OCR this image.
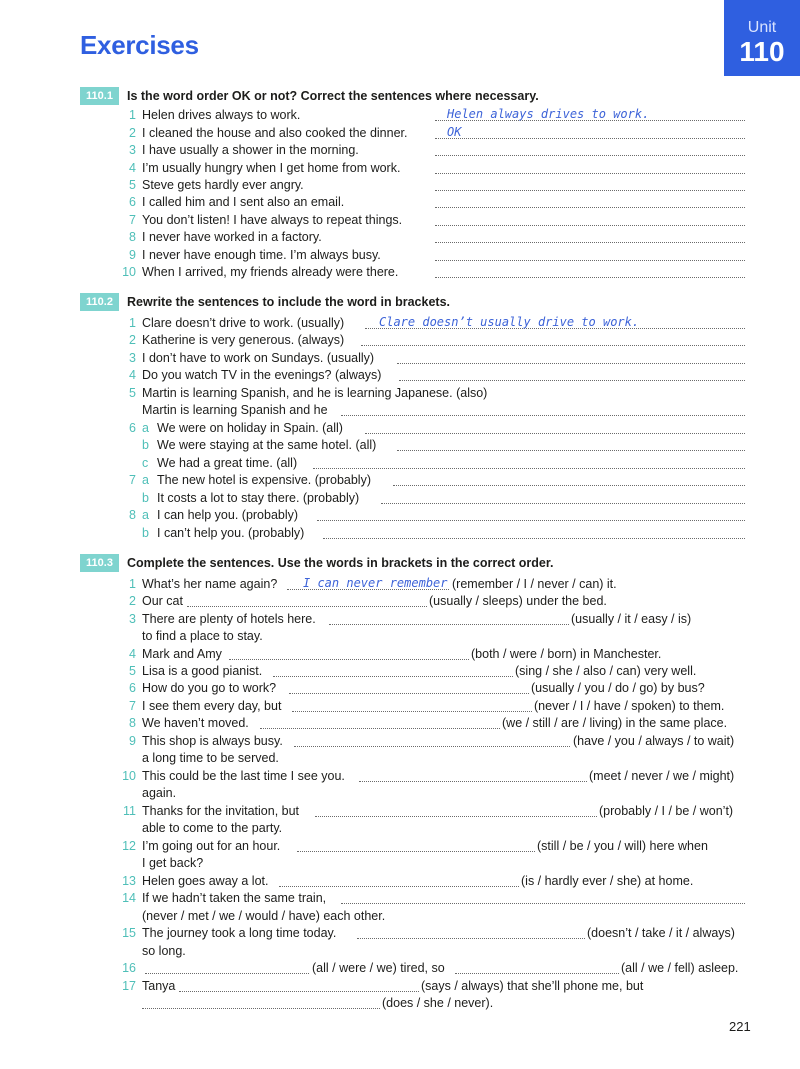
Exercises
Unit
110
110.1	Is the word order OK or not? Correct the sentences where necessary.
1 Helen drives always to work.	Helen always drives to work.
2 I cleaned the house and also cooked the dinner.	OK
3 I have usually a shower in the morning.
4 I’m usually hungry when I get home from work.
5 Steve gets hardly ever angry.
6 I called him and I sent also an email.
7 You don’t listen! I have always to repeat things.
8 I never have worked in a factory.
9 I never have enough time. I’m always busy.
10 When I arrived, my friends already were there.
110.2	Rewrite the sentences to include the word in brackets.
1 Clare doesn’t drive to work. (usually)	Clare doesn’t usually drive to work.
2 Katherine is very generous. (always)
3 I don’t have to work on Sundays. (usually)
4 Do you watch TV in the evenings? (always)
5 Martin is learning Spanish, and he is learning Japanese. (also)
Martin is learning Spanish and he
6 a We were on holiday in Spain. (all)
b We were staying at the same hotel. (all)
c We had a great time. (all)
7 a The new hotel is expensive. (probably)
b It costs a lot to stay there. (probably)
8 a I can help you. (probably)
b I can’t help you. (probably)
110.3	Complete the sentences. Use the words in brackets in the correct order.
1 What’s her name again? I can never remember (remember / I / never / can) it.
2 Our cat	(usually / sleeps) under the bed.
3 There are plenty of hotels here.	(usually / it / easy / is)
to find a place to stay.
4 Mark and Amy	(both / were / born) in Manchester.
5 Lisa is a good pianist.	(sing / she / also / can) very well.
6 How do you go to work?	(usually / you / do / go) by bus?
7 I see them every day, but	(never / I / have / spoken) to them.
8 We haven’t moved.	(we / still / are / living) in the same place.
9 This shop is always busy.	(have / you / always / to wait)
a long time to be served.
10 This could be the last time I see you.	(meet / never / we / might)
again.
11 Thanks for the invitation, but	(probably / I / be / won’t)
able to come to the party.
12 I’m going out for an hour.	(still / be / you / will) here when
I get back?
13 Helen goes away a lot.	(is / hardly ever / she) at home.
14 If we hadn’t taken the same train,
(never / met / we / would / have) each other.
15 The journey took a long time today.	(doesn’t / take / it / always)
so long.
16	(all / were / we) tired, so	(all / we / fell) asleep.
17 Tanya	(says / always) that she’ll phone me, but
(does / she / never).
221
